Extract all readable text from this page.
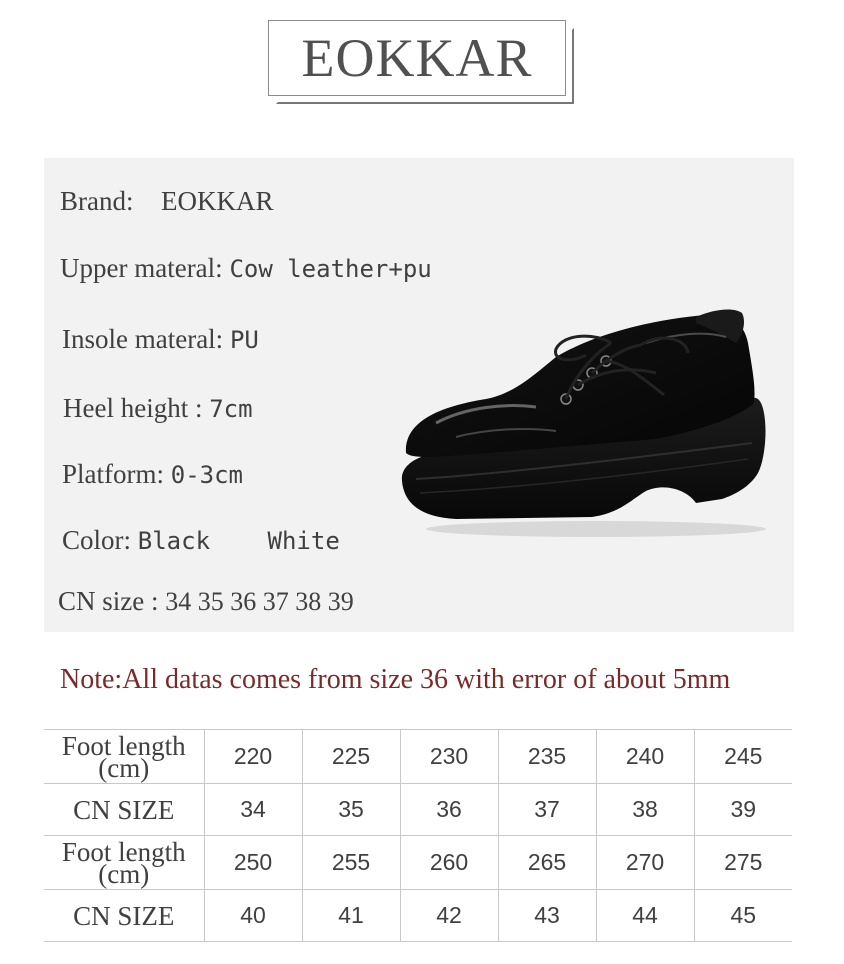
EOKKAR
Brand: EOKKAR
Upper materal: Cow leather+pu
Insole materal: PU
Heel height : 7cm
Platform: 0-3cm
Color: Black White
CN size : 34 35 36 37 38 39
Note:All datas comes from size 36 with error of about 5mm
Foot length
(cm)	220	225	230	235	240	245
CN SIZE	34	35	36	37	38	39

Foot length
(cm)	250	255	260	265	270	275
CN SIZE	40	41	42	43	44	45
